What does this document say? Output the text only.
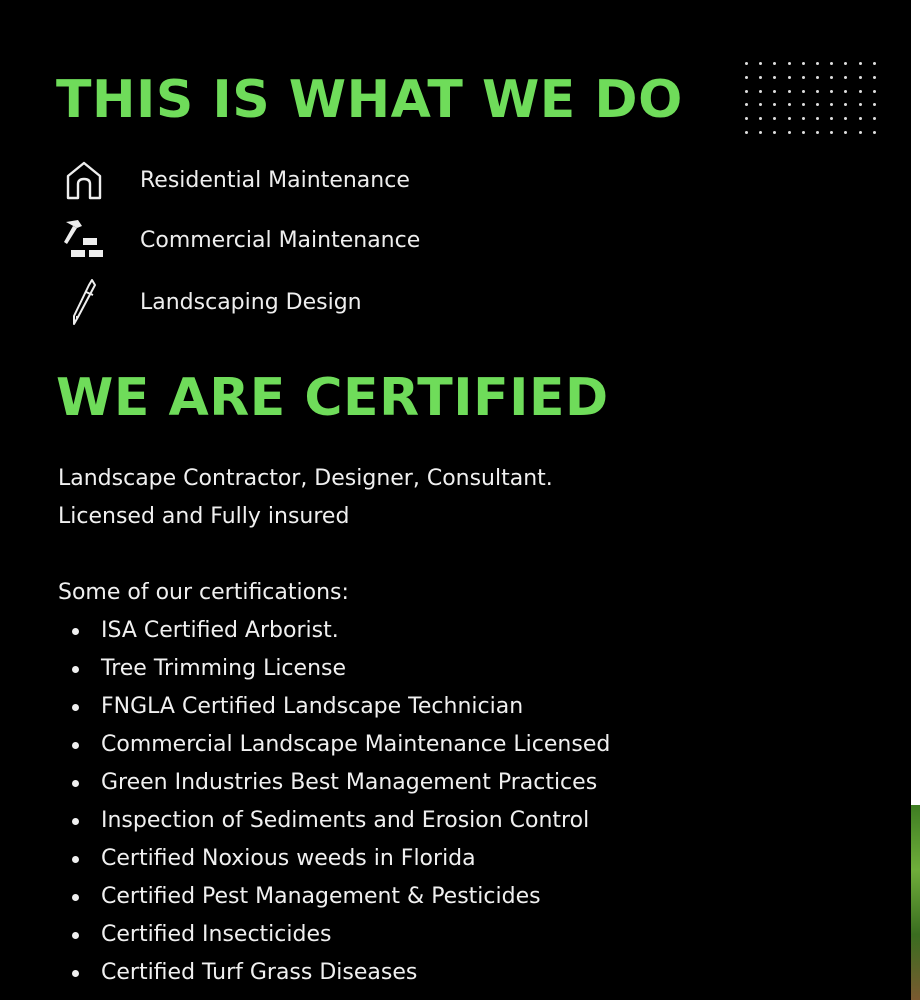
THIS IS WHAT WE DO
Residential Maintenance
Commercial Maintenance
Landscaping Design
WE ARE CERTIFIED
Landscape Contractor, Designer, Consultant.
Licensed and Fully insured
Some of our certifications:
ISA Certified Arborist.
Tree Trimming License
FNGLA Certified Landscape Technician
Commercial Landscape Maintenance Licensed
Green Industries Best Management Practices
Inspection of Sediments and Erosion Control
Certified Noxious weeds in Florida
Certified Pest Management & Pesticides
Certified Insecticides
Certified Turf Grass Diseases
